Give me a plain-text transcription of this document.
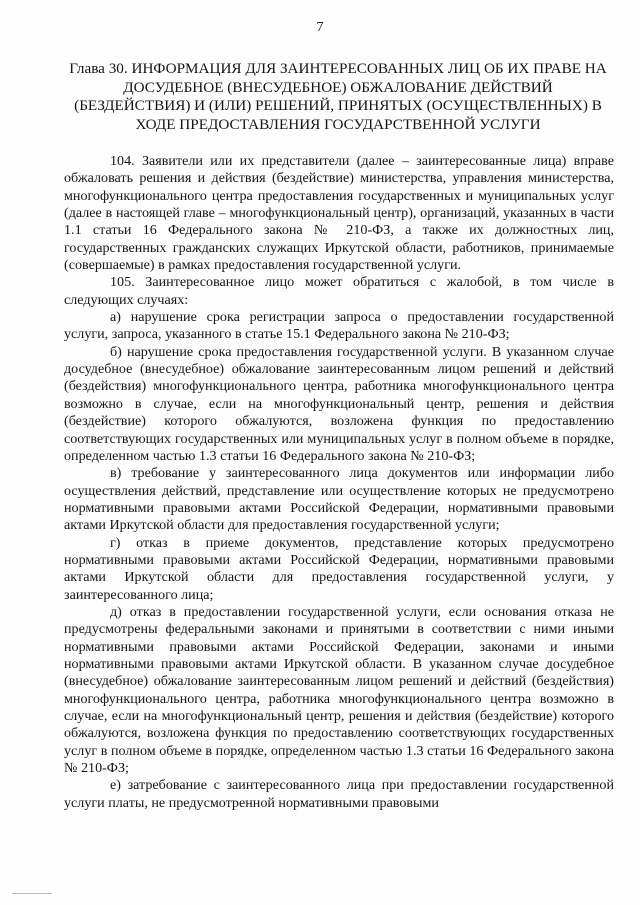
7
Глава 30. ИНФОРМАЦИЯ ДЛЯ ЗАИНТЕРЕСОВАННЫХ ЛИЦ ОБ ИХ ПРАВЕ НА ДОСУДЕБНОЕ (ВНЕСУДЕБНОЕ) ОБЖАЛОВАНИЕ ДЕЙСТВИЙ (БЕЗДЕЙСТВИЯ) И (ИЛИ) РЕШЕНИЙ, ПРИНЯТЫХ (ОСУЩЕСТВЛЕННЫХ) В ХОДЕ ПРЕДОСТАВЛЕНИЯ ГОСУДАРСТВЕННОЙ УСЛУГИ

104. Заявители или их представители (далее – заинтересованные лица) вправе обжаловать решения и действия (бездействие) министерства, управления министерства, многофункционального центра предоставления государственных и муниципальных услуг (далее в настоящей главе – многофункциональный центр), организаций, указанных в части 1.1 статьи 16 Федерального закона № 210-ФЗ, а также их должностных лиц, государственных гражданских служащих Иркутской области, работников, принимаемые (совершаемые) в рамках предоставления государственной услуги.

105. Заинтересованное лицо может обратиться с жалобой, в том числе в следующих случаях:

а) нарушение срока регистрации запроса о предоставлении государственной услуги, запроса, указанного в статье 15.1 Федерального закона № 210-ФЗ;

б) нарушение срока предоставления государственной услуги. В указанном случае досудебное (внесудебное) обжалование заинтересованным лицом решений и действий (бездействия) многофункционального центра, работника многофункционального центра возможно в случае, если на многофункциональный центр, решения и действия (бездействие) которого обжалуются, возложена функция по предоставлению соответствующих государственных или муниципальных услуг в полном объеме в порядке, определенном частью 1.3 статьи 16 Федерального закона № 210-ФЗ;

в) требование у заинтересованного лица документов или информации либо осуществления действий, представление или осуществление которых не предусмотрено нормативными правовыми актами Российской Федерации, нормативными правовыми актами Иркутской области для предоставления государственной услуги;

г) отказ в приеме документов, представление которых предусмотрено нормативными правовыми актами Российской Федерации, нормативными правовыми актами Иркутской области для предоставления государственной услуги, у заинтересованного лица;

д) отказ в предоставлении государственной услуги, если основания отказа не предусмотрены федеральными законами и принятыми в соответствии с ними иными нормативными правовыми актами Российской Федерации, законами и иными нормативными правовыми актами Иркутской области. В указанном случае досудебное (внесудебное) обжалование заинтересованным лицом решений и действий (бездействия) многофункционального центра, работника многофункционального центра возможно в случае, если на многофункциональный центр, решения и действия (бездействие) которого обжалуются, возложена функция по предоставлению соответствующих государственных услуг в полном объеме в порядке, определенном частью 1.3 статьи 16 Федерального закона № 210-ФЗ;

е) затребование с заинтересованного лица при предоставлении государственной услуги платы, не предусмотренной нормативными правовыми
